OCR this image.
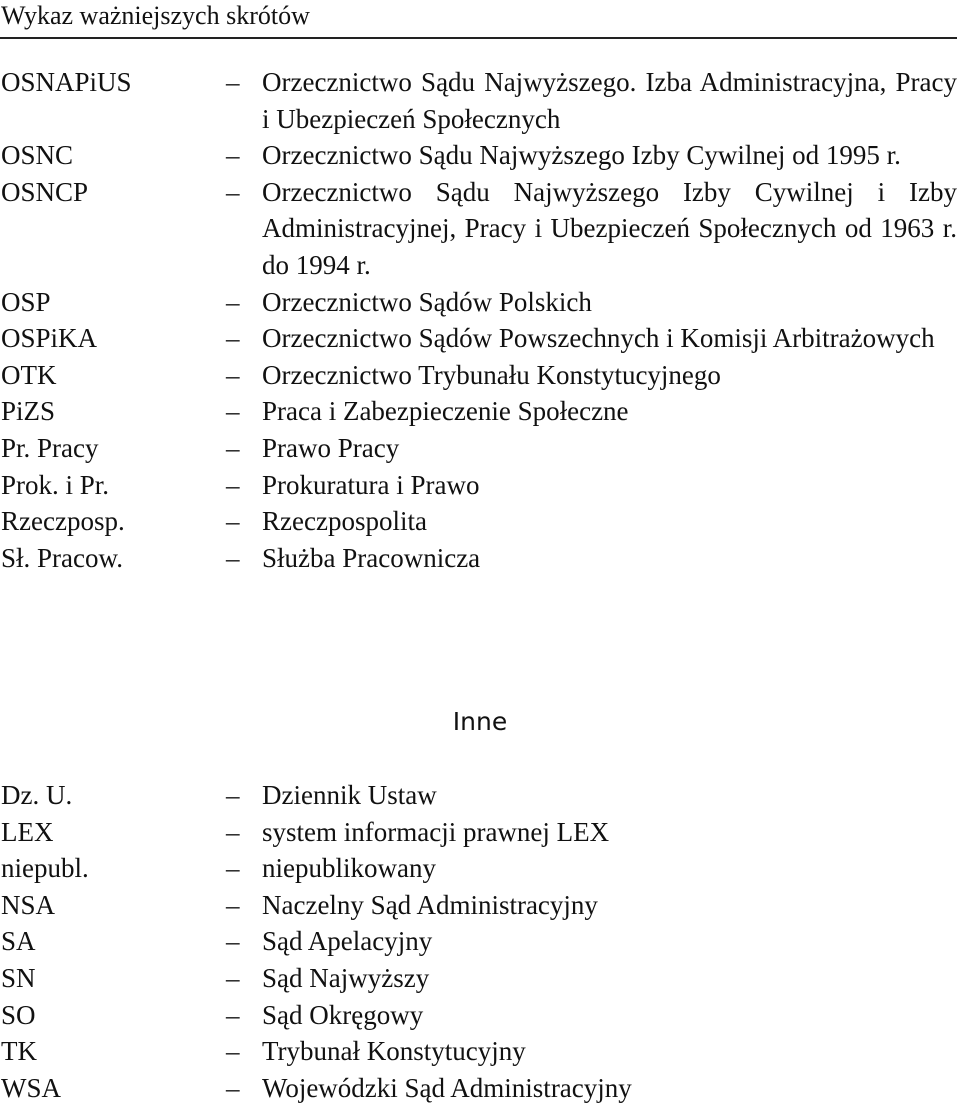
Wykaz ważniejszych skrótów
OSNAPiUS	– Orzecznictwo Sądu Najwyższego. Izba Administracyjna, Pracy i Ubezpieczeń Społecznych
OSNC	– Orzecznictwo Sądu Najwyższego Izby Cywilnej od 1995 r.
OSNCP	– Orzecznictwo Sądu Najwyższego Izby Cywilnej i Izby Administracyjnej, Pracy i Ubezpieczeń Społecznych od 1963 r. do 1994 r.
OSP	– Orzecznictwo Sądów Polskich
OSPiKA	– Orzecznictwo Sądów Powszechnych i Komisji Arbitrażowych
OTK	– Orzecznictwo Trybunału Konstytucyjnego
PiZS	– Praca i Zabezpieczenie Społeczne
Pr. Pracy	– Prawo Pracy
Prok. i Pr.	– Prokuratura i Prawo
Rzeczposp.	– Rzeczpospolita
Sł. Pracow.	– Służba Pracownicza
Inne
Dz. U.	– Dziennik Ustaw
LEX	– system informacji prawnej LEX
niepubl.	– niepublikowany
NSA	– Naczelny Sąd Administracyjny
SA	– Sąd Apelacyjny
SN	– Sąd Najwyższy
SO	– Sąd Okręgowy
TK	– Trybunał Konstytucyjny
WSA	– Wojewódzki Sąd Administracyjny
